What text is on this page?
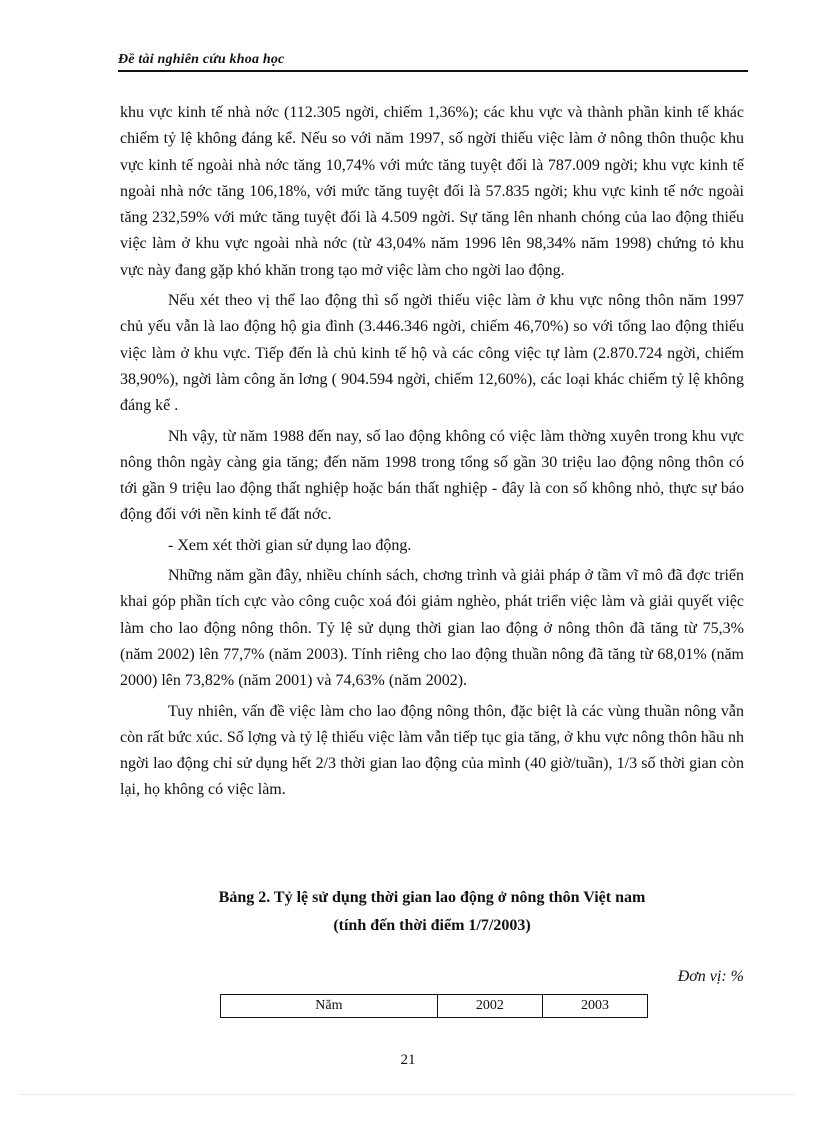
Đề tài nghiên cứu khoa học

khu vực kinh tế nhà nớc (112.305 ngời, chiếm 1,36%); các khu vực và thành phần kinh tế khác chiếm tỷ lệ không đáng kể. Nếu so với năm 1997, số ngời thiếu việc làm ở nông thôn thuộc khu vực kinh tế ngoài nhà nớc tăng 10,74% với mức tăng tuyệt đối là 787.009 ngời; khu vực kinh tế ngoài nhà nớc tăng 106,18%, với mức tăng tuyệt đối là 57.835 ngời; khu vực kinh tế nớc ngoài tăng 232,59% với mức tăng tuyệt đối là 4.509 ngời. Sự tăng lên nhanh chóng của lao động thiếu việc làm ở khu vực ngoài nhà nớc (từ 43,04% năm 1996 lên 98,34% năm 1998) chứng tỏ khu vực này đang gặp khó khăn trong tạo mở việc làm cho ngời lao động.

Nếu xét theo vị thế lao động thì số ngời thiếu việc làm ở khu vực nông thôn năm 1997 chủ yếu vẫn là lao động hộ gia đình (3.446.346 ngời, chiếm 46,70%) so với tổng lao động thiếu việc làm ở khu vực. Tiếp đến là chủ kinh tế hộ và các công việc tự làm (2.870.724 ngời, chiếm 38,90%), ngời làm công ăn lơng ( 904.594 ngời, chiếm 12,60%), các loại khác chiếm tỷ lệ không đáng kể .

Nh vậy, từ năm 1988 đến nay, số lao động không có việc làm thờng xuyên trong khu vực nông thôn ngày càng gia tăng; đến năm 1998 trong tổng số gần 30 triệu lao động nông thôn có tới gần 9 triệu lao động thất nghiệp hoặc bán thất nghiệp - đây là con số không nhỏ, thực sự báo động đối với nền kinh tế đất nớc.

- Xem xét thời gian sử dụng lao động.

Những năm gần đây, nhiều chính sách, chơng trình và giải pháp ở tầm vĩ mô đã đợc triển khai góp phần tích cực vào công cuộc xoá đói giảm nghèo, phát triển việc làm và giải quyết việc làm cho lao động nông thôn. Tỷ lệ sử dụng thời gian lao động ở nông thôn đã tăng từ 75,3% (năm 2002) lên 77,7% (năm 2003). Tính riêng cho lao động thuần nông đã tăng từ 68,01% (năm 2000) lên 73,82% (năm 2001) và 74,63% (năm 2002).

Tuy nhiên, vấn đề việc làm cho lao động nông thôn, đặc biệt là các vùng thuần nông vẫn còn rất bức xúc. Số lợng và tỷ lệ thiếu việc làm vẫn tiếp tục gia tăng, ở khu vực nông thôn hầu nh ngời lao động chỉ sử dụng hết 2/3 thời gian lao động của mình (40 giờ/tuần), 1/3 số thời gian còn lại, họ không có việc làm.

Bảng 2. Tỷ lệ sử dụng thời gian lao động ở nông thôn Việt nam
(tính đến thời điểm 1/7/2003)
Đơn vị: %
Năm	2002	2003
21
